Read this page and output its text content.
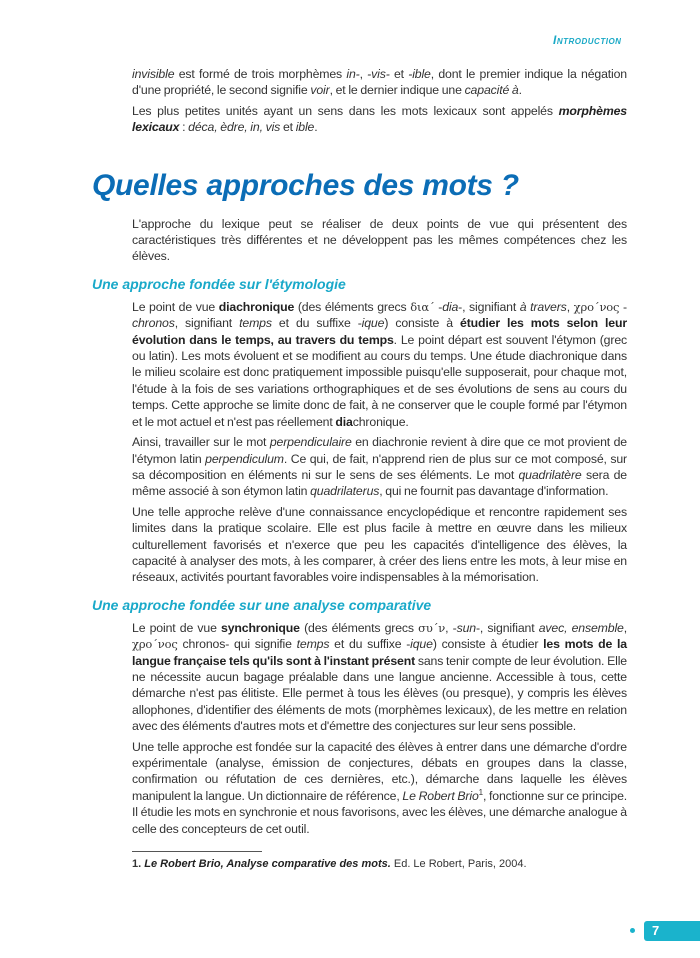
Introduction

invisible est formé de trois morphèmes in-, -vis- et -ible, dont le premier indique la négation d'une propriété, le second signifie voir, et le dernier indique une capacité à.

Les plus petites unités ayant un sens dans les mots lexicaux sont appelés morphèmes lexicaux : déca, èdre, in, vis et ible.

Quelles approches des mots ?

L'approche du lexique peut se réaliser de deux points de vue qui présentent des caractéristiques très différentes et ne développent pas les mêmes compétences chez les élèves.

Une approche fondée sur l'étymologie

Le point de vue diachronique (des éléments grecs δια΄ -dia-, signifiant à travers, χρο΄νος - chronos, signifiant temps et du suffixe -ique) consiste à étudier les mots selon leur évolution dans le temps, au travers du temps. Le point départ est souvent l'étymon (grec ou latin). Les mots évoluent et se modifient au cours du temps. Une étude diachronique dans le milieu scolaire est donc pratiquement impossible puisqu'elle supposerait, pour chaque mot, l'étude à la fois de ses variations orthographiques et de ses évolutions de sens au cours du temps. Cette approche se limite donc de fait, à ne conserver que le couple formé par l'étymon et le mot actuel et n'est pas réellement diachronique.

Ainsi, travailler sur le mot perpendiculaire en diachronie revient à dire que ce mot provient de l'étymon latin perpendiculum. Ce qui, de fait, n'apprend rien de plus sur ce mot composé, sur sa décomposition en éléments ni sur le sens de ses éléments. Le mot quadrilatère sera de même associé à son étymon latin quadrilaterus, qui ne fournit pas davantage d'information.

Une telle approche relève d'une connaissance encyclopédique et rencontre rapidement ses limites dans la pratique scolaire. Elle est plus facile à mettre en œuvre dans les milieux culturellement favorisés et n'exerce que peu les capacités d'intelligence des élèves, la capacité à analyser des mots, à les comparer, à créer des liens entre les mots, à leur mise en réseaux, activités pourtant favorables voire indispensables à la mémorisation.

Une approche fondée sur une analyse comparative

Le point de vue synchronique (des éléments grecs συ΄ν, -sun-, signifiant avec, ensemble, χρο΄νος chronos- qui signifie temps et du suffixe -ique) consiste à étudier les mots de la langue française tels qu'ils sont à l'instant présent sans tenir compte de leur évolution. Elle ne nécessite aucun bagage préalable dans une langue ancienne. Accessible à tous, cette démarche n'est pas élitiste. Elle permet à tous les élèves (ou presque), y compris les élèves allophones, d'identifier des éléments de mots (morphèmes lexicaux), de les mettre en relation avec des éléments d'autres mots et d'émettre des conjectures sur leur sens possible.

Une telle approche est fondée sur la capacité des élèves à entrer dans une démarche d'ordre expérimentale (analyse, émission de conjectures, débats en groupes dans la classe, confirmation ou réfutation de ces dernières, etc.), démarche dans laquelle les élèves manipulent la langue. Un dictionnaire de référence, Le Robert Brio$^1$, fonctionne sur ce principe. Il étudie les mots en synchronie et nous favorisons, avec les élèves, une démarche analogue à celle des concepteurs de cet outil.

1. Le Robert Brio, Analyse comparative des mots. Ed. Le Robert, Paris, 2004.
7
